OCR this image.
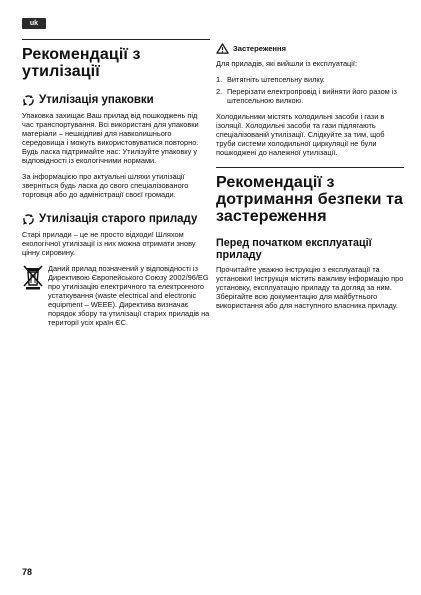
uk
Рекомендації з утилізації
Утилізація упаковки

Упаковка захищає Ваш прилад від пошкоджень під час транспортування. Всі використані для упаковки матеріали – нешкідливі для навколишнього середовища і можуть використовуватися повторно. Будь ласка підтримайте нас: Утилізуйте упаковку у відповідності із екологічними нормами.

За інформацією про актуальні шляхи утилізації зверніться будь ласка до свого спеціалізованого торговця або до адміністрації своєї громади.

Утилізація старого приладу

Старі прилади – це не просто відходи! Шляхом екологічної утилізації із них можна отримати знову цінну сировину.

Даний прилад позначений у відповідності із Директивою Європейського Союзу 2002/96/EG про утилізацію електричного та електронного устаткування (waste electrical and electronic equipment – WEEE). Директива визначає порядок збору та утилізації старих приладів на території усіх країн ЄС.

Застереження

Для приладів, які вийшли із експлуатації:

1. Витягніть штепсельну вилку.
2. Перерізати електропровід і вийняти його разом із штепсельною вилкою.

Холодильники містять холодильні засоби і гази в ізоляції. Холодильні засоби та гази підлягають спеціалізованій утилізації. Слідкуйте за тим, щоб труби системи холодильної циркуляції не були пошкоджені до належної утилізації.

Рекомендації з дотримання безпеки та застереження
Перед початком експлуатації приладу

Прочитайте уважно інструкцію з експлуатації та установки! Інструкція містить важливу інформацію про установку, експлуатацію приладу та догляд за ним. Зберігайте всю документацію для майбутнього використання або для наступного власника приладу.

78
